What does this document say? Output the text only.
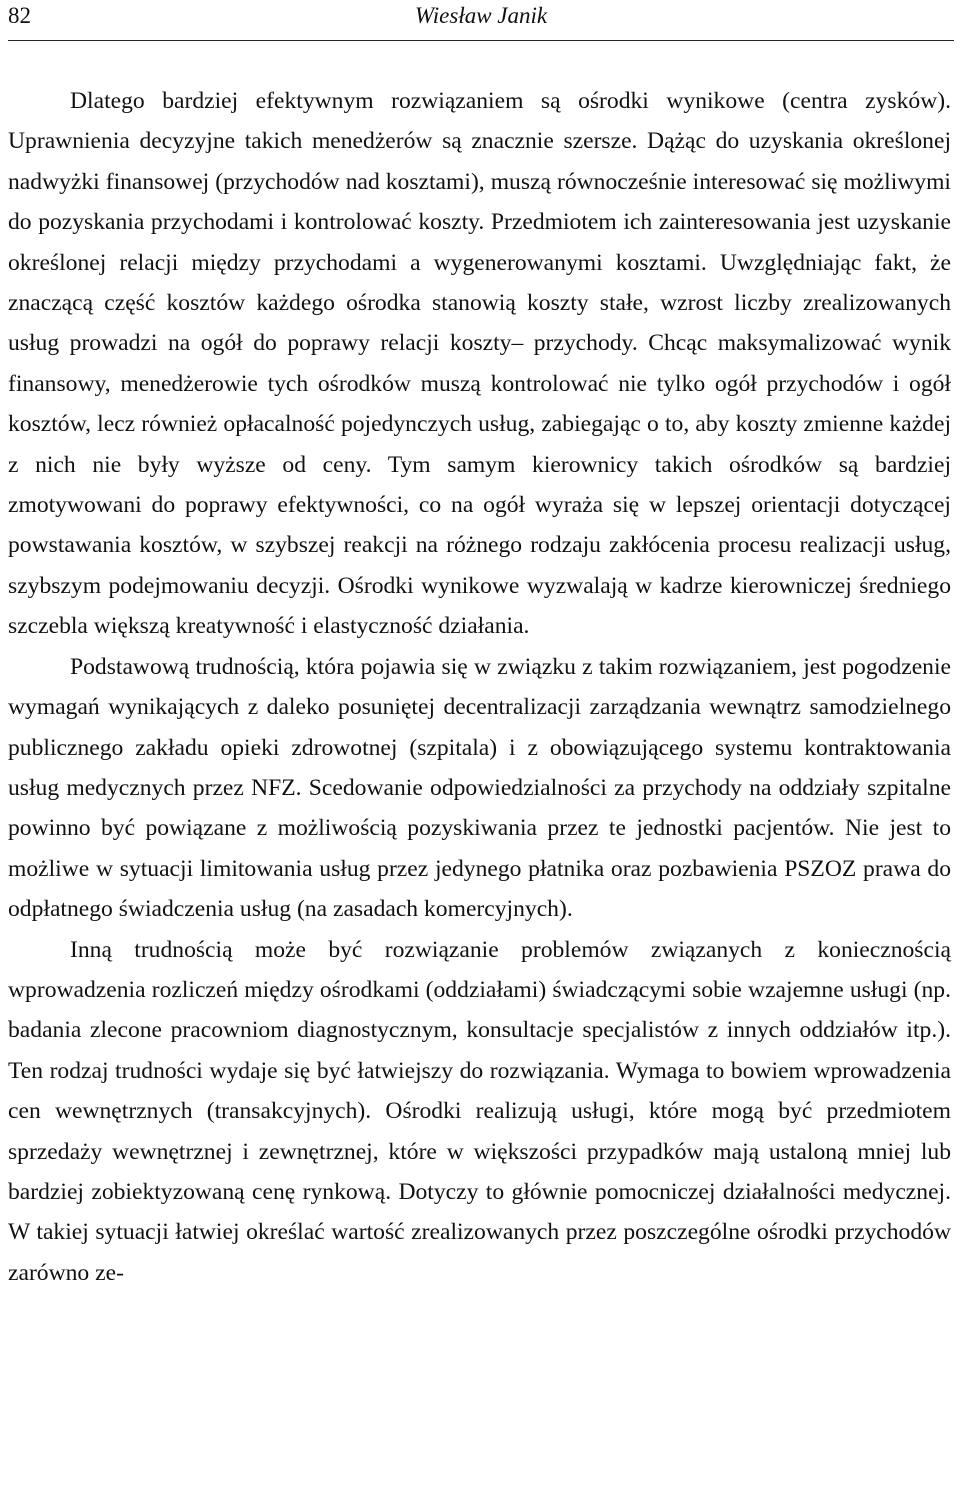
82	Wiesław Janik

Dlatego bardziej efektywnym rozwiązaniem są ośrodki wynikowe (centra zysków). Uprawnienia decyzyjne takich menedżerów są znacznie szersze. Dążąc do uzyskania określonej nadwyżki finansowej (przychodów nad kosztami), muszą równocześnie interesować się możliwymi do pozyskania przychodami i kontrolować koszty. Przedmiotem ich zainteresowania jest uzyskanie określonej relacji między przychodami a wygenerowanymi kosztami. Uwzględniając fakt, że znaczącą część kosztów każdego ośrodka stanowią koszty stałe, wzrost liczby zrealizowanych usług prowadzi na ogół do poprawy relacji koszty– przychody. Chcąc maksymalizować wynik finansowy, menedżerowie tych ośrodków muszą kontrolować nie tylko ogół przychodów i ogół kosztów, lecz również opłacalność pojedynczych usług, zabiegając o to, aby koszty zmienne każdej z nich nie były wyższe od ceny. Tym samym kierownicy takich ośrodków są bardziej zmotywowani do poprawy efektywności, co na ogół wyraża się w lepszej orientacji dotyczącej powstawania kosztów, w szybszej reakcji na różnego rodzaju zakłócenia procesu realizacji usług, szybszym podejmowaniu decyzji. Ośrodki wynikowe wyzwalają w kadrze kierowniczej średniego szczebla większą kreatywność i elastyczność działania.

Podstawową trudnością, która pojawia się w związku z takim rozwiązaniem, jest pogodzenie wymagań wynikających z daleko posuniętej decentralizacji zarządzania wewnątrz samodzielnego publicznego zakładu opieki zdrowotnej (szpitala) i z obowiązującego systemu kontraktowania usług medycznych przez NFZ. Scedowanie odpowiedzialności za przychody na oddziały szpitalne powinno być powiązane z możliwością pozyskiwania przez te jednostki pacjentów. Nie jest to możliwe w sytuacji limitowania usług przez jedynego płatnika oraz pozbawienia PSZOZ prawa do odpłatnego świadczenia usług (na zasadach komercyjnych).

Inną trudnością może być rozwiązanie problemów związanych z koniecznością wprowadzenia rozliczeń między ośrodkami (oddziałami) świadczącymi sobie wzajemne usługi (np. badania zlecone pracowniom diagnostycznym, konsultacje specjalistów z innych oddziałów itp.). Ten rodzaj trudności wydaje się być łatwiejszy do rozwiązania. Wymaga to bowiem wprowadzenia cen wewnętrznych (transakcyjnych). Ośrodki realizują usługi, które mogą być przedmiotem sprzedaży wewnętrznej i zewnętrznej, które w większości przypadków mają ustaloną mniej lub bardziej zobiektyzowaną cenę rynkową. Dotyczy to głównie pomocniczej działalności medycznej. W takiej sytuacji łatwiej określać wartość zrealizowanych przez poszczególne ośrodki przychodów zarówno ze-
